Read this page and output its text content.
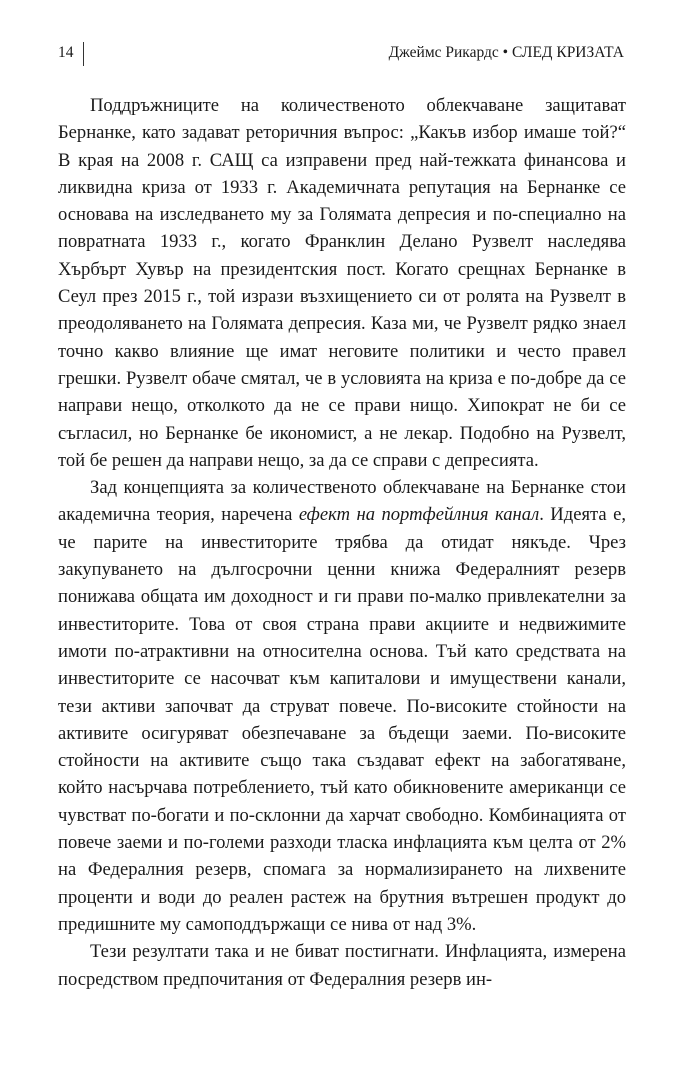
14	Джеймс Рикардс • СЛЕД КРИЗАТА

Поддръжниците на количественото облекчаване защитават Бернанке, като задават реторичния въпрос: „Какъв избор имаше той?“ В края на 2008 г. САЩ са изправени пред най-тежката финансова и ликвидна криза от 1933 г. Академичната репутация на Бернанке се основава на изследването му за Голямата депресия и по-специално на повратната 1933 г., когато Франклин Делано Рузвелт наследява Хърбърт Хувър на президентския пост. Когато срещнах Бернанке в Сеул през 2015 г., той изрази възхищението си от ролята на Рузвелт в преодоляването на Голямата депресия. Каза ми, че Рузвелт рядко знаел точно какво влияние ще имат неговите политики и често правел грешки. Рузвелт обаче смятал, че в условията на криза е по-добре да се направи нещо, отколкото да не се прави нищо. Хипократ не би се съгласил, но Бернанке бе икономист, а не лекар. Подобно на Рузвелт, той бе решен да направи нещо, за да се справи с депресията.

Зад концепцията за количественото облекчаване на Бернанке стои академична теория, наречена ефект на портфейлния канал. Идеята е, че парите на инвеститорите трябва да отидат някъде. Чрез закупуването на дългосрочни ценни книжа Федералният резерв понижава общата им доходност и ги прави по-малко привлекателни за инвеститорите. Това от своя страна прави акциите и недвижимите имоти по-атрактивни на относителна основа. Тъй като средствата на инвеститорите се насочват към капиталови и имуществени канали, тези активи започват да струват повече. По-високите стойности на активите осигуряват обезпечаване за бъдещи заеми. По-високите стойности на активите също така създават ефект на забогатяване, който насърчава потреблението, тъй като обикновените американци се чувстват по-богати и по-склонни да харчат свободно. Комбинацията от повече заеми и по-големи разходи тласка инфлацията към целта от 2% на Федералния резерв, спомага за нормализирането на лихвените проценти и води до реален растеж на брутния вътрешен продукт до предишните му самоподдържащи се нива от над 3%.

Тези резултати така и не биват постигнати. Инфлацията, измерена посредством предпочитания от Федералния резерв ин-
